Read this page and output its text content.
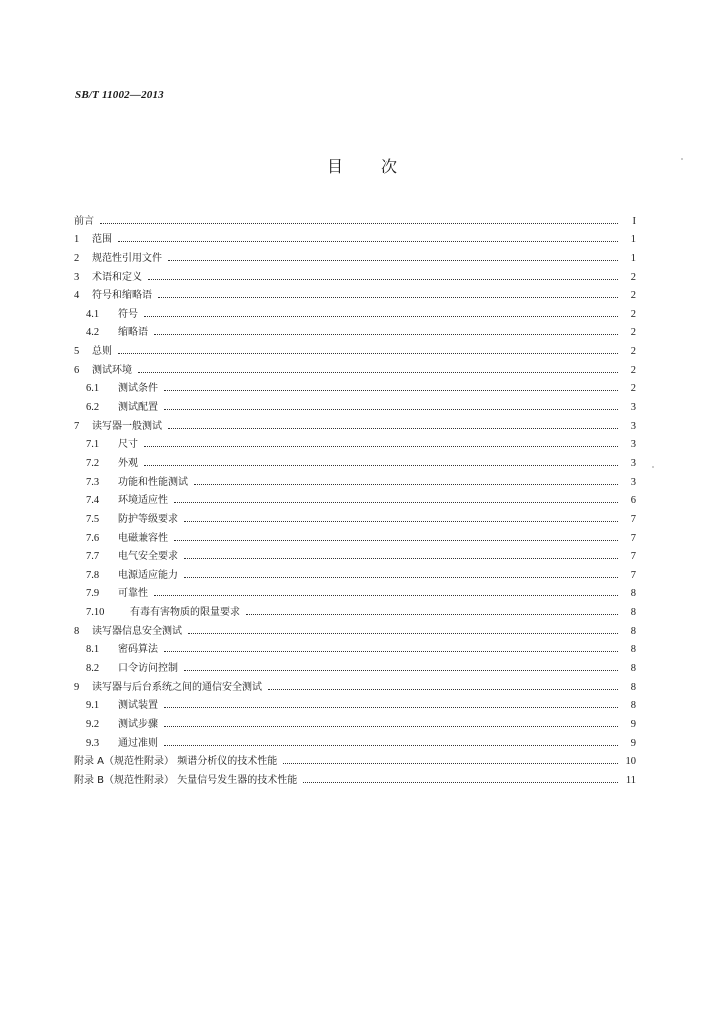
SB/T 11002—2013
目 次
前言	I
1	范围	1
2	规范性引用文件	1
3	术语和定义	2
4	符号和缩略语	2
4.1	符号	2
4.2	缩略语	2
5	总则	2
6	测试环境	2
6.1	测试条件	2
6.2	测试配置	3
7	读写器一般测试	3
7.1	尺寸	3
7.2	外观	3
7.3	功能和性能测试	3
7.4	环境适应性	6
7.5	防护等级要求	7
7.6	电磁兼容性	7
7.7	电气安全要求	7
7.8	电源适应能力	7
7.9	可靠性	8
7.10	有毒有害物质的限量要求	8
8	读写器信息安全测试	8
8.1	密码算法	8
8.2	口令访问控制	8
9	读写器与后台系统之间的通信安全测试	8
9.1	测试装置	8
9.2	测试步骤	9
9.3	通过准则	9
附录 A（规范性附录） 频谱分析仪的技术性能	10
附录 B（规范性附录） 矢量信号发生器的技术性能	11
